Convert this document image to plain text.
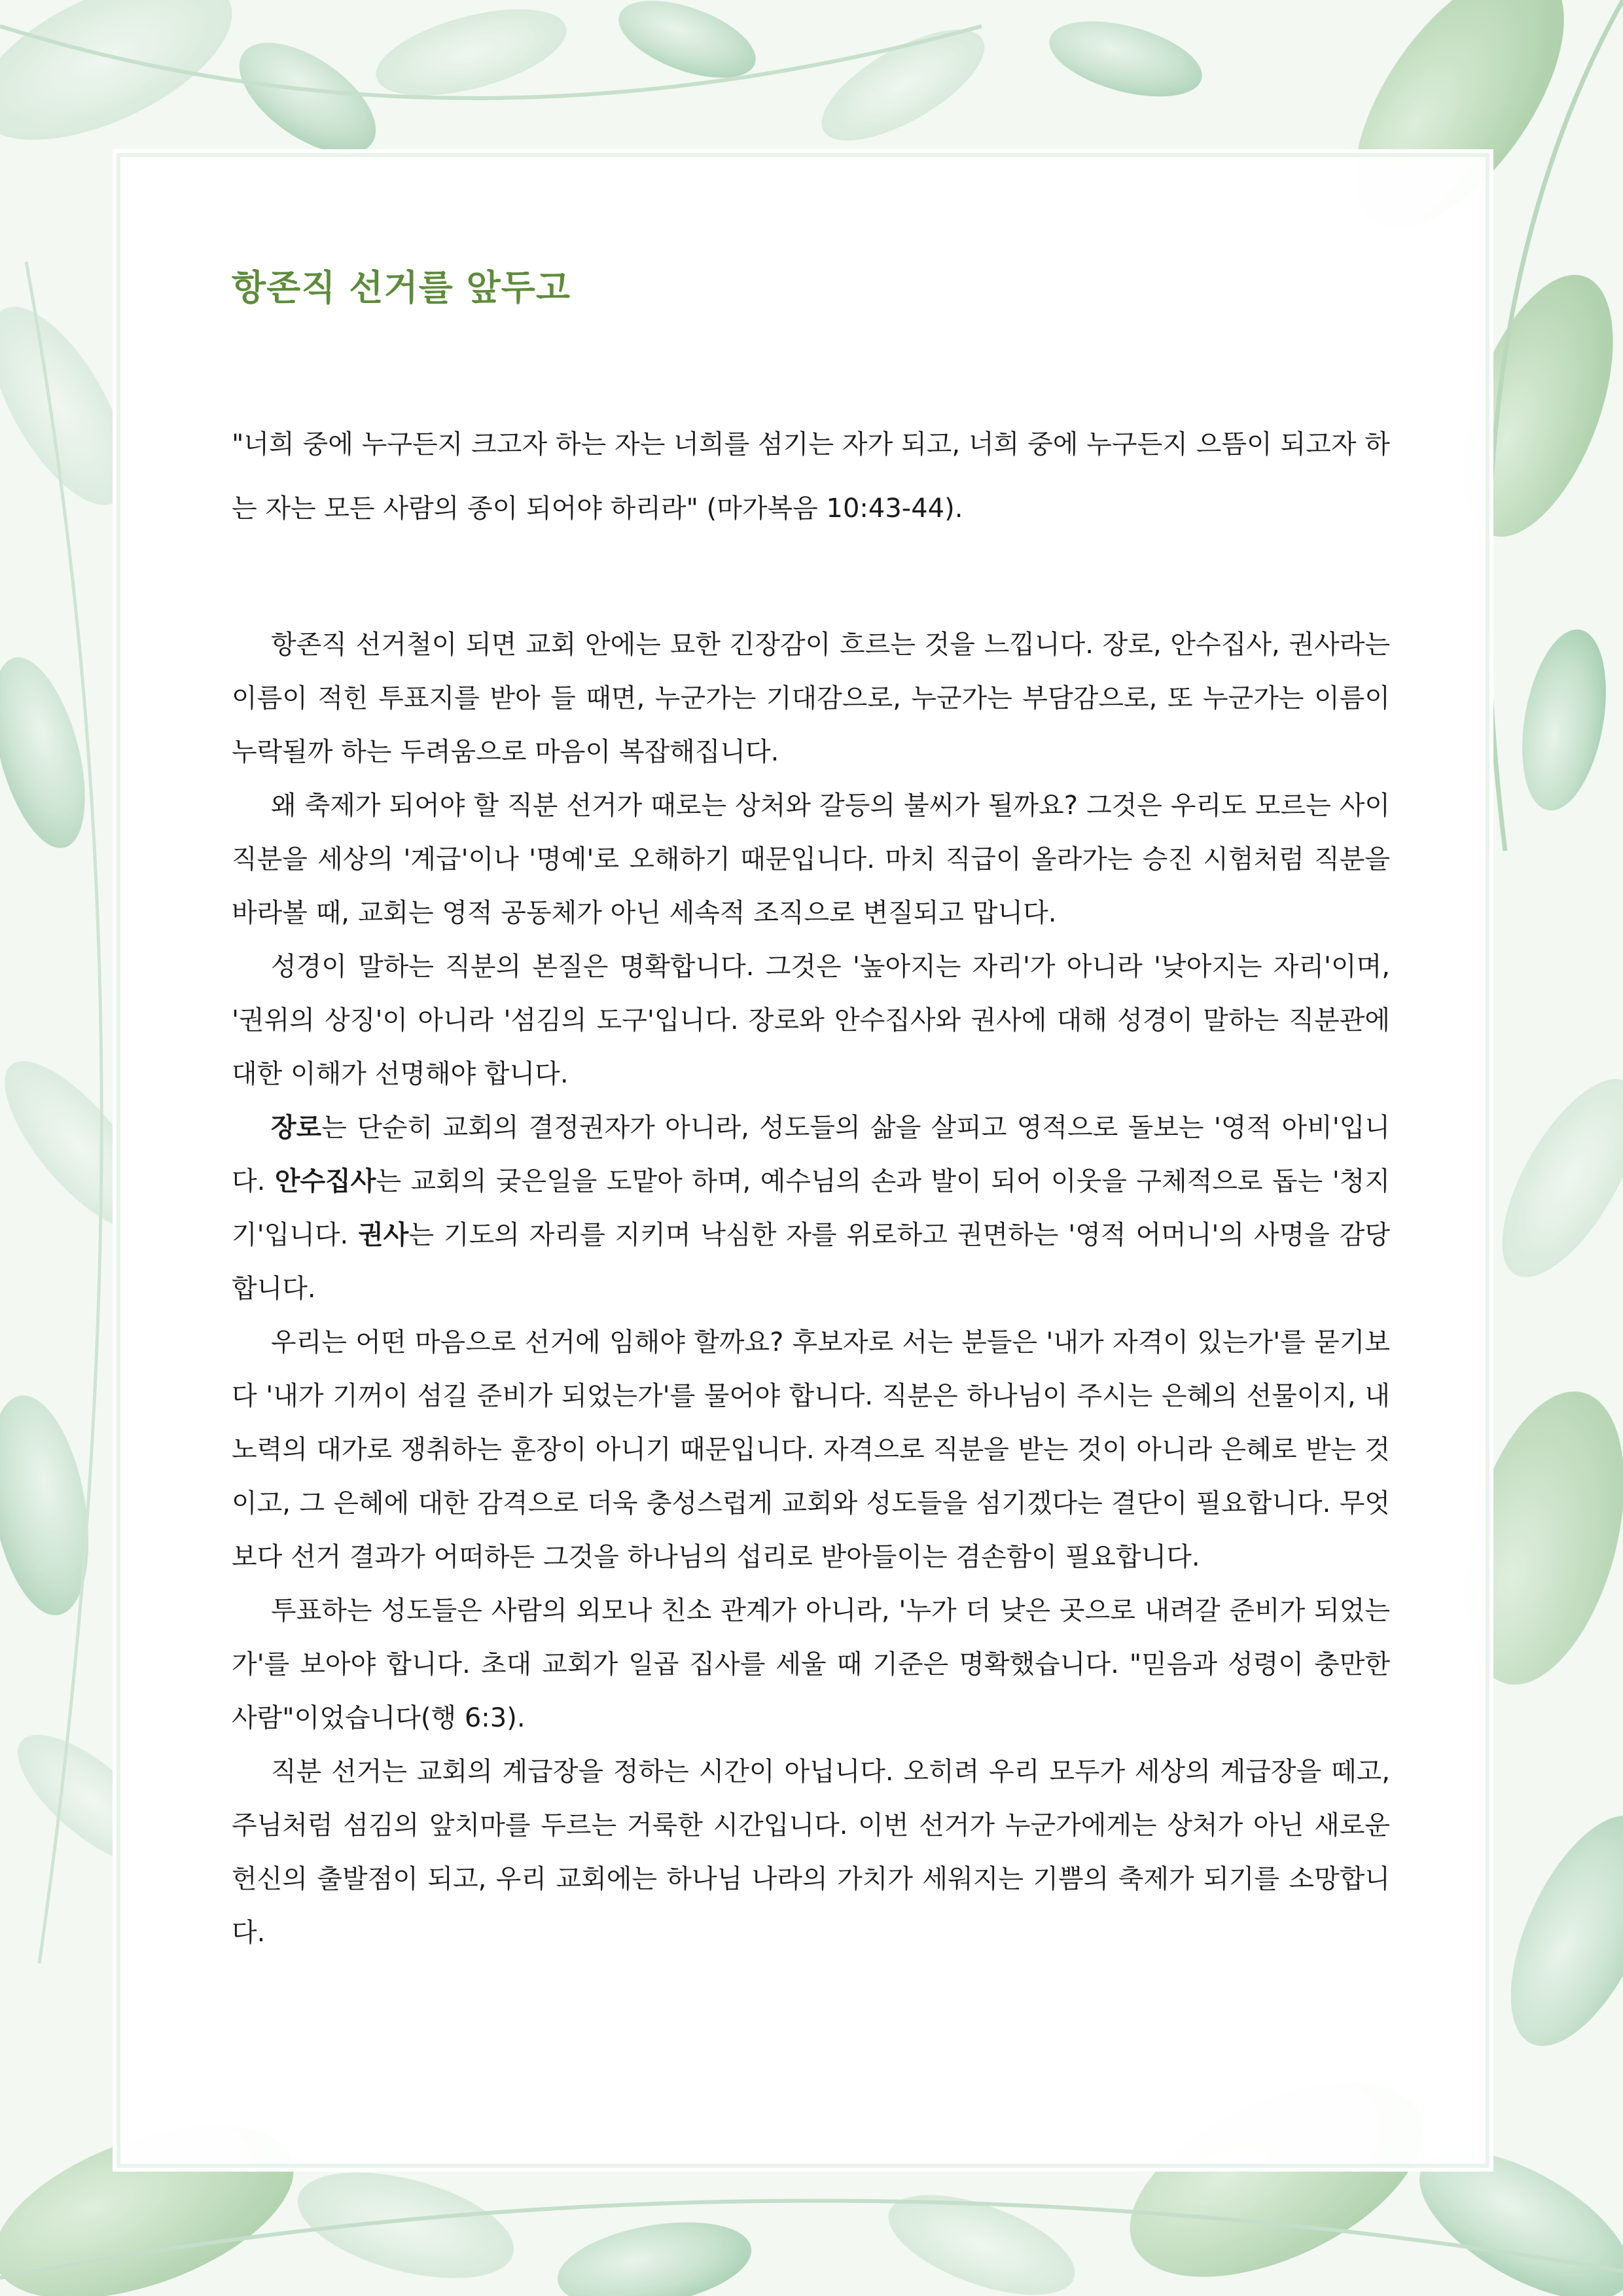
항존직 선거를 앞두고

"너희 중에 누구든지 크고자 하는 자는 너희를 섬기는 자가 되고, 너희 중에 누구든지 으뜸이 되고자 하는 자는 모든 사람의 종이 되어야 하리라" (마가복음 10:43-44).

항존직 선거철이 되면 교회 안에는 묘한 긴장감이 흐르는 것을 느낍니다. 장로, 안수집사, 권사라는 이름이 적힌 투표지를 받아 들 때면, 누군가는 기대감으로, 누군가는 부담감으로, 또 누군가는 이름이 누락될까 하는 두려움으로 마음이 복잡해집니다.

왜 축제가 되어야 할 직분 선거가 때로는 상처와 갈등의 불씨가 될까요? 그것은 우리도 모르는 사이 직분을 세상의 '계급'이나 '명예'로 오해하기 때문입니다. 마치 직급이 올라가는 승진 시험처럼 직분을 바라볼 때, 교회는 영적 공동체가 아닌 세속적 조직으로 변질되고 맙니다.

성경이 말하는 직분의 본질은 명확합니다. 그것은 '높아지는 자리'가 아니라 '낮아지는 자리'이며, '권위의 상징'이 아니라 '섬김의 도구'입니다. 장로와 안수집사와 권사에 대해 성경이 말하는 직분관에 대한 이해가 선명해야 합니다.

장로는 단순히 교회의 결정권자가 아니라, 성도들의 삶을 살피고 영적으로 돌보는 '영적 아비'입니다. 안수집사는 교회의 궂은일을 도맡아 하며, 예수님의 손과 발이 되어 이웃을 구체적으로 돕는 '청지기'입니다. 권사는 기도의 자리를 지키며 낙심한 자를 위로하고 권면하는 '영적 어머니'의 사명을 감당합니다.

우리는 어떤 마음으로 선거에 임해야 할까요? 후보자로 서는 분들은 '내가 자격이 있는가'를 묻기보다 '내가 기꺼이 섬길 준비가 되었는가'를 물어야 합니다. 직분은 하나님이 주시는 은혜의 선물이지, 내 노력의 대가로 쟁취하는 훈장이 아니기 때문입니다. 자격으로 직분을 받는 것이 아니라 은혜로 받는 것이고, 그 은혜에 대한 감격으로 더욱 충성스럽게 교회와 성도들을 섬기겠다는 결단이 필요합니다. 무엇보다 선거 결과가 어떠하든 그것을 하나님의 섭리로 받아들이는 겸손함이 필요합니다.

투표하는 성도들은 사람의 외모나 친소 관계가 아니라, '누가 더 낮은 곳으로 내려갈 준비가 되었는가'를 보아야 합니다. 초대 교회가 일곱 집사를 세울 때 기준은 명확했습니다. "믿음과 성령이 충만한 사람"이었습니다(행 6:3).

직분 선거는 교회의 계급장을 정하는 시간이 아닙니다. 오히려 우리 모두가 세상의 계급장을 떼고, 주님처럼 섬김의 앞치마를 두르는 거룩한 시간입니다. 이번 선거가 누군가에게는 상처가 아닌 새로운 헌신의 출발점이 되고, 우리 교회에는 하나님 나라의 가치가 세워지는 기쁨의 축제가 되기를 소망합니다.
